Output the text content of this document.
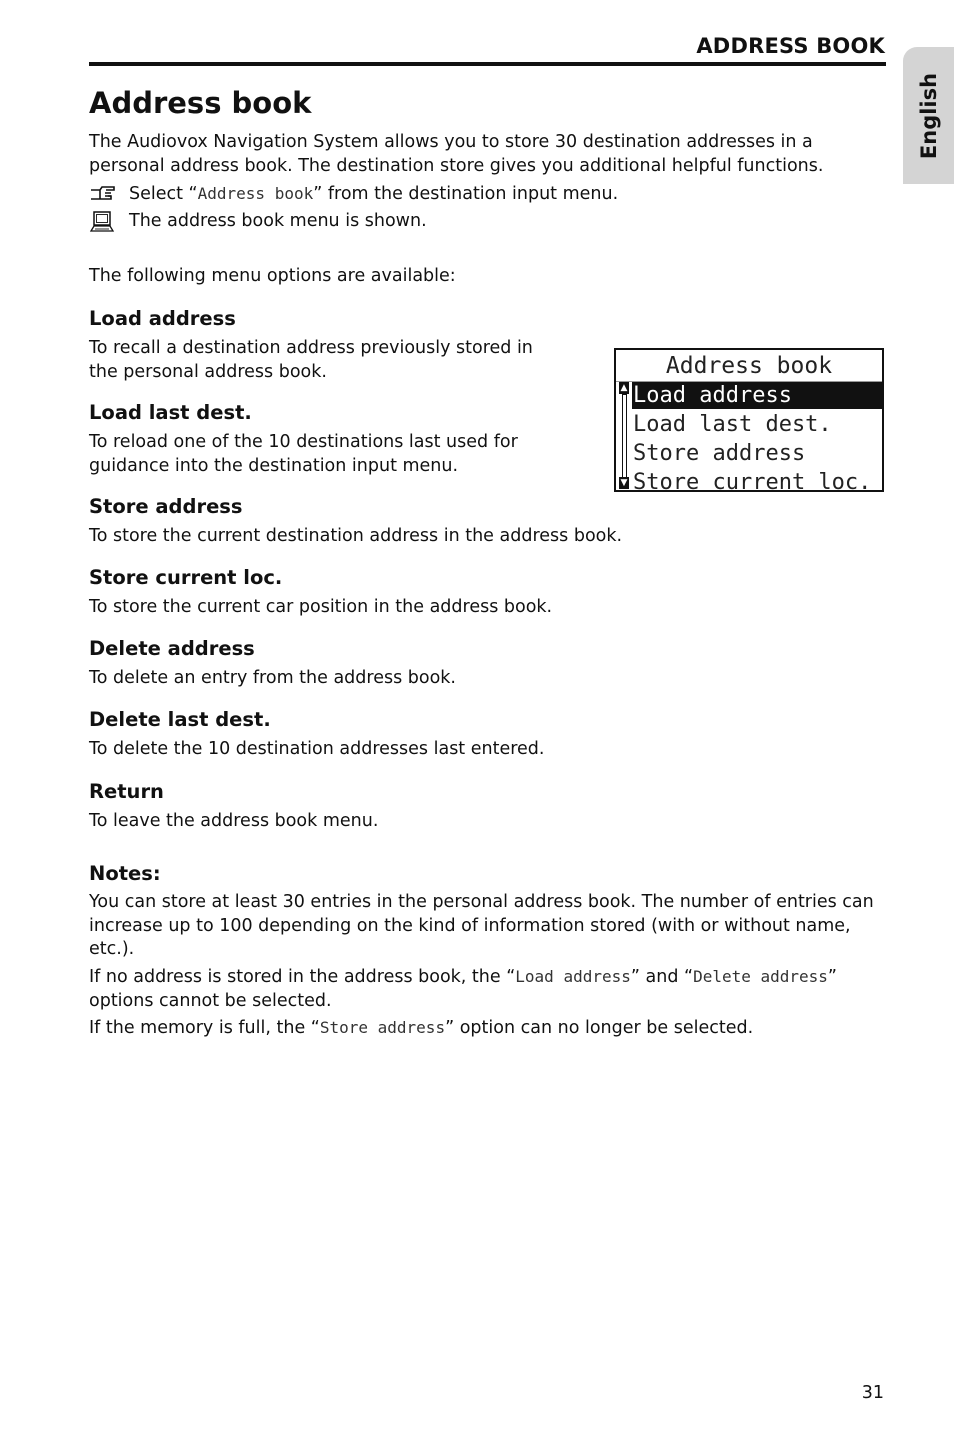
ADDRESS BOOK
English
Address book

The Audiovox Navigation System allows you to store 30 destination addresses in a personal address book. The destination store gives you additional helpful functions.

Select “Address book” from the destination input menu.
The address book menu is shown.

The following menu options are available:

Load address

To recall a destination address previously stored in the personal address book.

Load last dest.

To reload one of the 10 destinations last used for guidance into the destination input menu.

Store address

To store the current destination address in the address book.

Store current loc.

To store the current car position in the address book.

Delete address

To delete an entry from the address book.

Delete last dest.

To delete the 10 destination addresses last entered.

Return

To leave the address book menu.

Notes:

You can store at least 30 entries in the personal address book. The number of entries can increase up to 100 depending on the kind of information stored (with or without name, etc.).

If no address is stored in the address book, the “Load address” and “Delete address” options cannot be selected.

If the memory is full, the “Store address” option can no longer be selected.

Address book
▲
▼
Load address
Load last dest.
Store address
Store current loc.
31
